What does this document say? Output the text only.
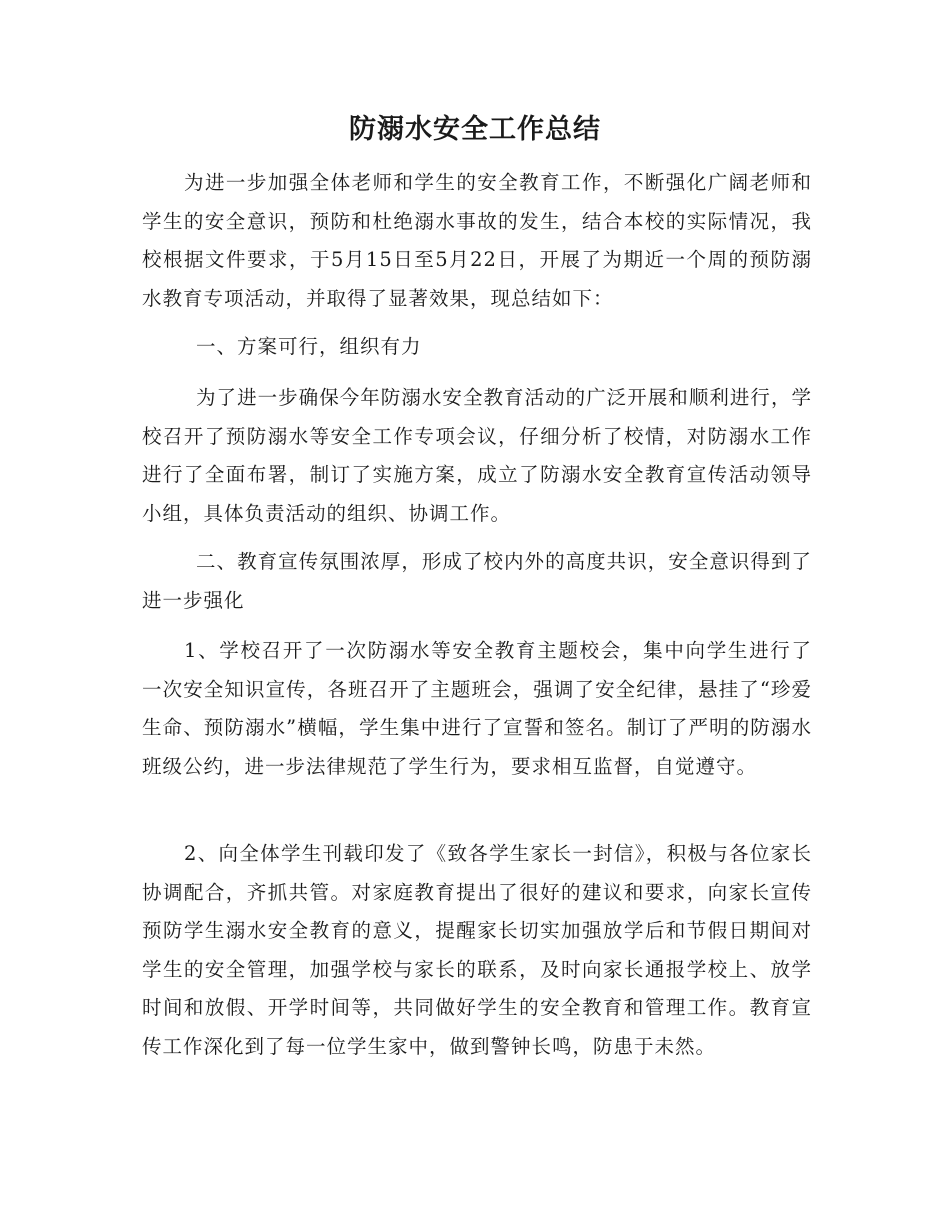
防溺水安全工作总结
为进一步加强全体老师和学生的安全教育工作，不断强化广阔老师和学生的安全意识，预防和杜绝溺水事故的发生，结合本校的实际情况，我校根据文件要求，于5月15日至5月22日，开展了为期近一个周的预防溺水教育专项活动，并取得了显著效果，现总结如下：
一、方案可行，组织有力
为了进一步确保今年防溺水安全教育活动的广泛开展和顺利进行，学校召开了预防溺水等安全工作专项会议，仔细分析了校情，对防溺水工作进行了全面布署，制订了实施方案，成立了防溺水安全教育宣传活动领导小组，具体负责活动的组织、协调工作。
二、教育宣传氛围浓厚，形成了校内外的高度共识，安全意识得到了进一步强化
1、学校召开了一次防溺水等安全教育主题校会，集中向学生进行了一次安全知识宣传，各班召开了主题班会，强调了安全纪律，悬挂了“珍爱生命、预防溺水”横幅，学生集中进行了宣誓和签名。制订了严明的防溺水班级公约，进一步法律规范了学生行为，要求相互监督，自觉遵守。
2、向全体学生刊载印发了《致各学生家长一封信》，积极与各位家长协调配合，齐抓共管。对家庭教育提出了很好的建议和要求，向家长宣传预防学生溺水安全教育的意义，提醒家长切实加强放学后和节假日期间对学生的安全管理，加强学校与家长的联系，及时向家长通报学校上、放学时间和放假、开学时间等，共同做好学生的安全教育和管理工作。教育宣传工作深化到了每一位学生家中，做到警钟长鸣，防患于未然。
